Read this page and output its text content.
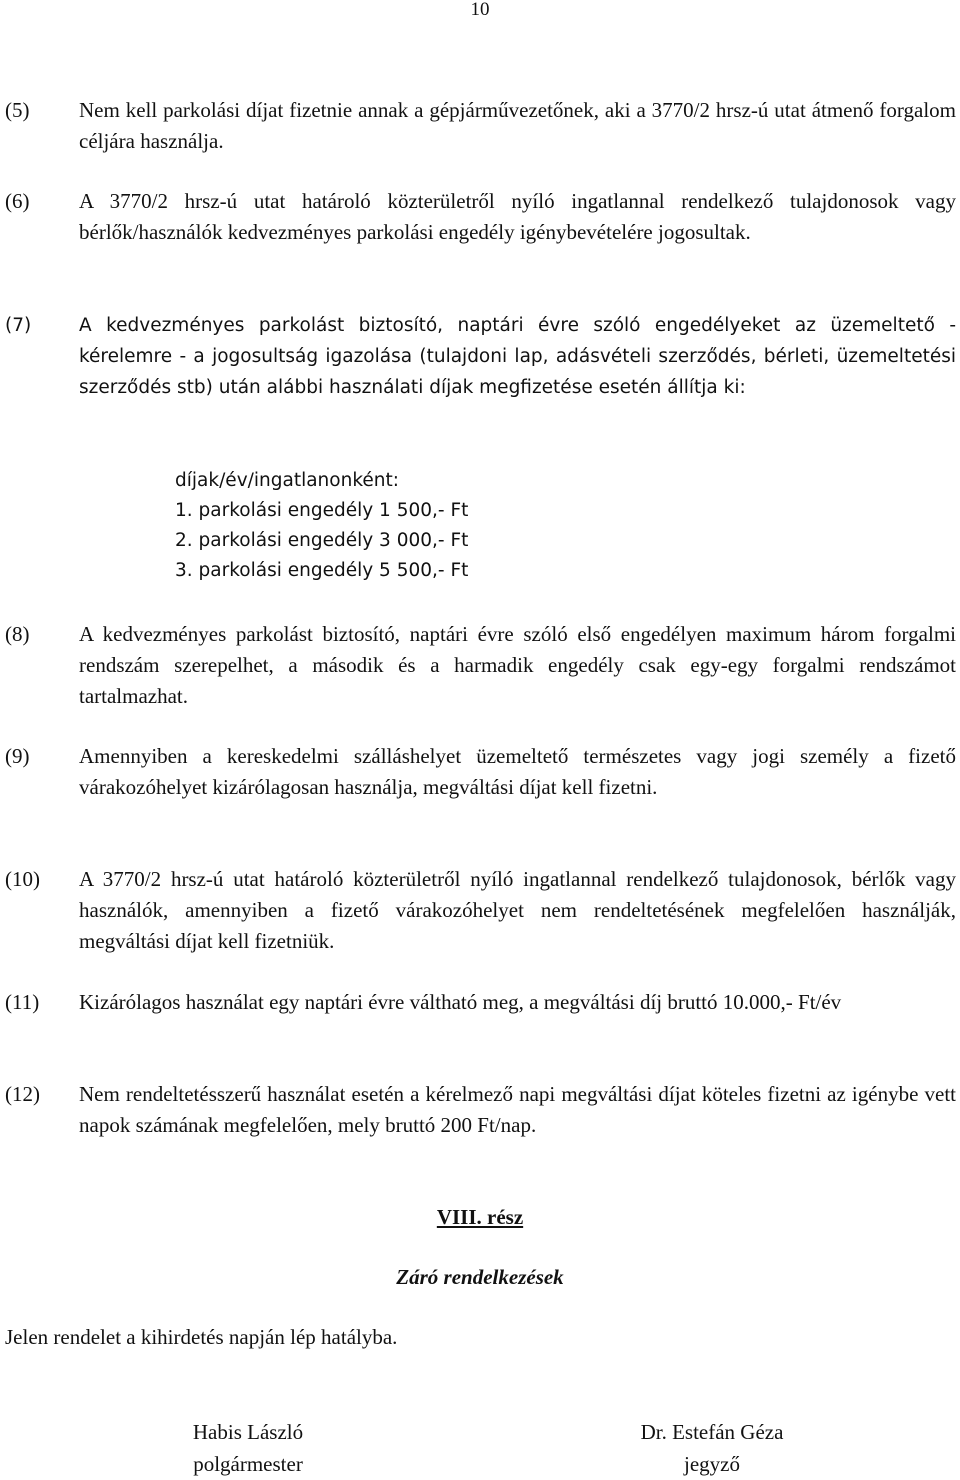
10
(5)	Nem kell parkolási díjat fizetnie annak a gépjárművezetőnek, aki a 3770/2 hrsz-ú utat átmenő forgalom céljára használja.
(6)	A 3770/2 hrsz-ú utat határoló közterületről nyíló ingatlannal rendelkező tulajdonosok vagy bérlők/használók kedvezményes parkolási engedély igénybevételére jogosultak.
(7)	A kedvezményes parkolást biztosító, naptári évre szóló engedélyeket az üzemeltető - kérelemre - a jogosultság igazolása (tulajdoni lap, adásvételi szerződés, bérleti, üzemeltetési szerződés stb) után alábbi használati díjak megfizetése esetén állítja ki:
díjak/év/ingatlanonként:
1. parkolási engedély 1 500,- Ft
2. parkolási engedély 3 000,- Ft
3. parkolási engedély 5 500,- Ft
(8)	A kedvezményes parkolást biztosító, naptári évre szóló első engedélyen maximum három forgalmi rendszám szerepelhet, a második és a harmadik engedély csak egy-egy forgalmi rendszámot tartalmazhat.
(9)	Amennyiben a kereskedelmi szálláshelyet üzemeltető természetes vagy jogi személy a fizető várakozóhelyet kizárólagosan használja, megváltási díjat kell fizetni.
(10)	A 3770/2 hrsz-ú utat határoló közterületről nyíló ingatlannal rendelkező tulajdonosok, bérlők vagy használók, amennyiben a fizető várakozóhelyet nem rendeltetésének megfelelően használják, megváltási díjat kell fizetniük.
(11)	Kizárólagos használat egy naptári évre váltható meg, a megváltási díj bruttó 10.000,- Ft/év
(12)	Nem rendeltetésszerű használat esetén a kérelmező napi megváltási díjat köteles fizetni az igénybe vett napok számának megfelelően, mely bruttó 200 Ft/nap.
VIII. rész
Záró rendelkezések
Jelen rendelet a kihirdetés napján lép hatályba.
Habis László
polgármester
Dr. Estefán Géza
jegyző
